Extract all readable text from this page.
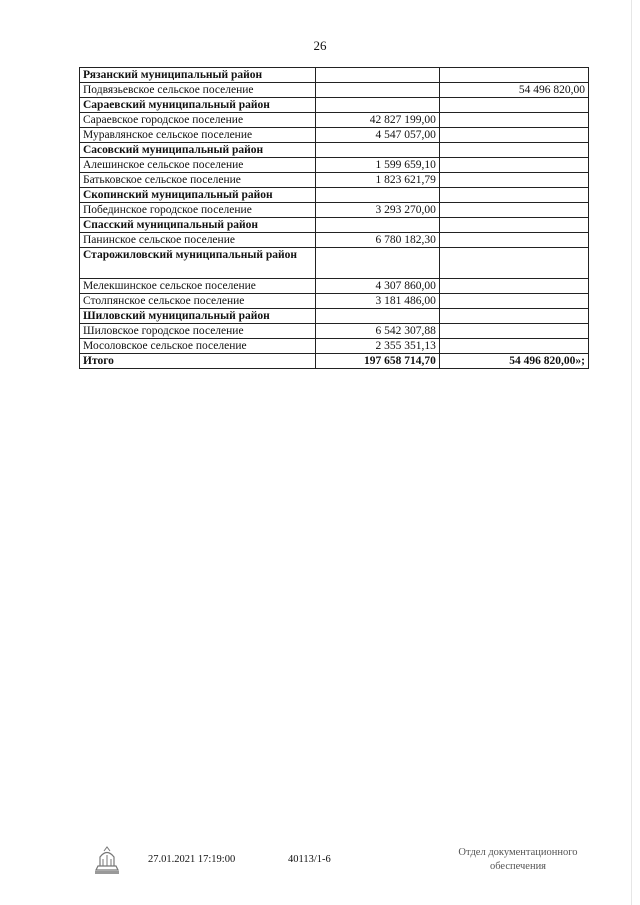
26
Рязанский муниципальный район		
Подвязьевское сельское поселение		54 496 820,00
Сараевский муниципальный район		
Сараевское городское поселение	42 827 199,00	
Муравлянское сельское поселение	4 547 057,00	
Сасовский муниципальный район		
Алешинское сельское поселение	1 599 659,10	
Батьковское сельское поселение	1 823 621,79	
Скопинский муниципальный район		
Побединское городское поселение	3 293 270,00	
Спасский муниципальный район		
Панинское сельское поселение	6 780 182,30	
Старожиловский муниципальный район		
Мелекшинское сельское поселение	4 307 860,00	
Столпянское сельское поселение	3 181 486,00	
Шиловский муниципальный район		
Шиловское городское поселение	6 542 307,88	
Мосоловское сельское поселение	2 355 351,13	
Итого	197 658 714,70	54 496 820,00»;
27.01.2021 17:19:00	40113/1-6
Отдел документационного обеспечения
